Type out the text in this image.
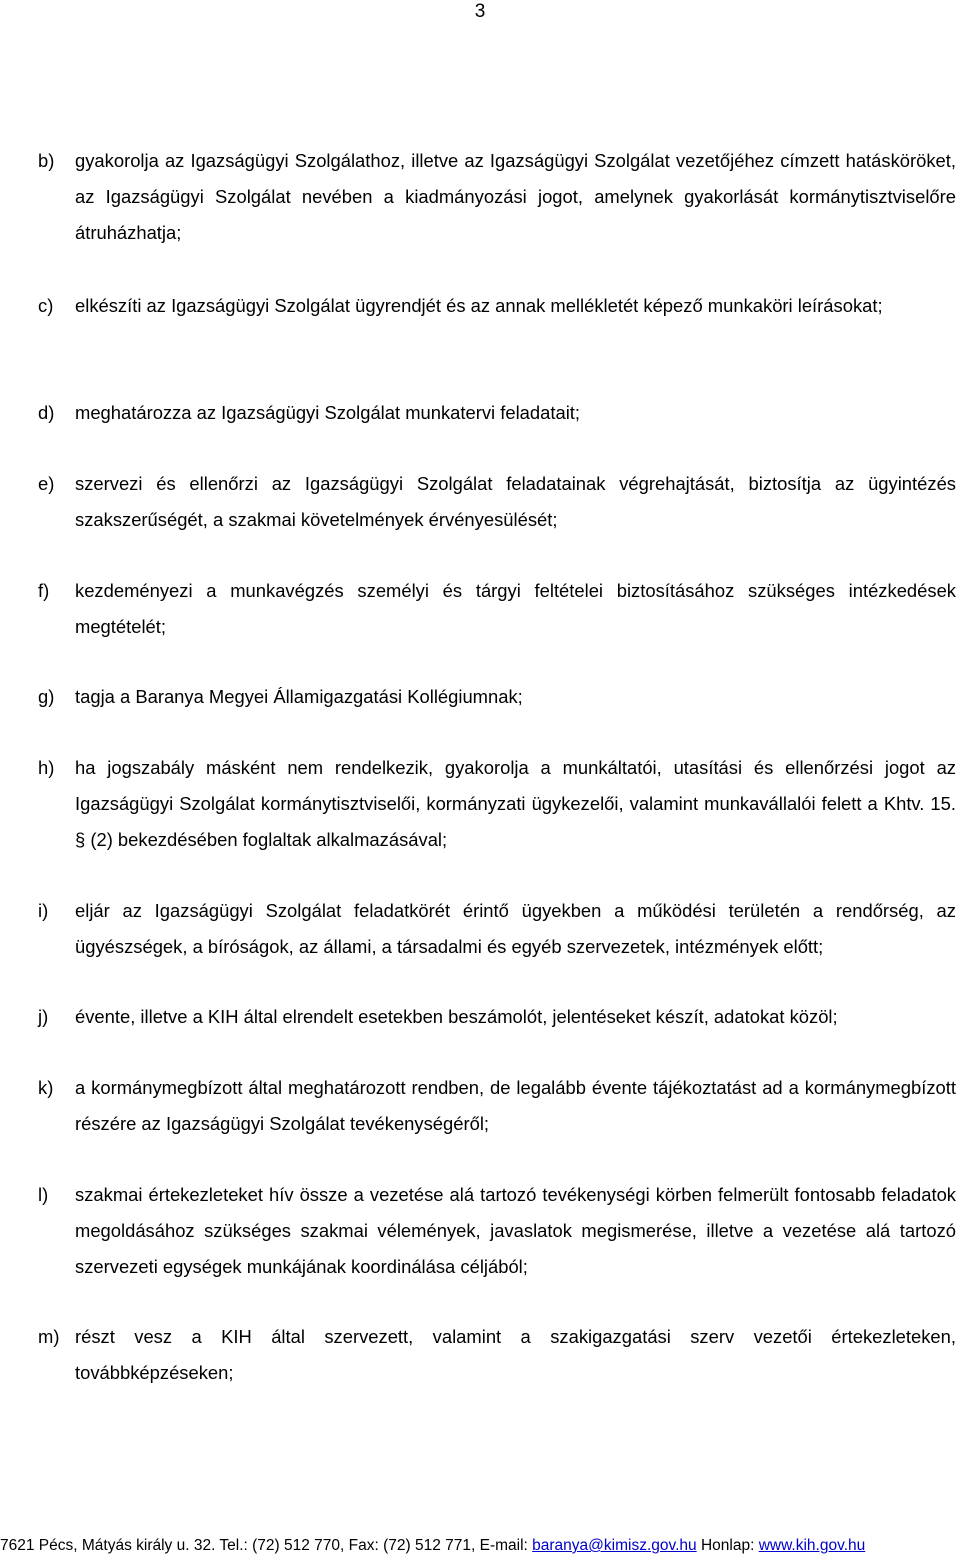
3
b)	gyakorolja az Igazságügyi Szolgálathoz, illetve az Igazságügyi Szolgálat vezetőjéhez címzett hatásköröket, az Igazságügyi Szolgálat nevében a kiadmányozási jogot, amelynek gyakorlását kormánytisztviselőre átruházhatja;
c)	elkészíti az Igazságügyi Szolgálat ügyrendjét és az annak mellékletét képező munkaköri leírásokat;
d)	meghatározza az Igazságügyi Szolgálat munkatervi feladatait;
e)	szervezi és ellenőrzi az Igazságügyi Szolgálat feladatainak végrehajtását, biztosítja az ügyintézés szakszerűségét, a szakmai követelmények érvényesülését;
f)	kezdeményezi a munkavégzés személyi és tárgyi feltételei biztosításához szükséges intézkedések megtételét;
g)	tagja a Baranya Megyei Államigazgatási Kollégiumnak;
h)	ha jogszabály másként nem rendelkezik, gyakorolja a munkáltatói, utasítási és ellenőrzési jogot az Igazságügyi Szolgálat kormánytisztviselői, kormányzati ügykezelői, valamint munkavállalói felett a Khtv. 15. § (2) bekezdésében foglaltak alkalmazásával;
i)	eljár az Igazságügyi Szolgálat feladatkörét érintő ügyekben a működési területén a rendőrség, az ügyészségek, a bíróságok, az állami, a társadalmi és egyéb szervezetek, intézmények előtt;
j)	évente, illetve a KIH által elrendelt esetekben beszámolót, jelentéseket készít, adatokat közöl;
k)	a kormánymegbízott által meghatározott rendben, de legalább évente tájékoztatást ad a kormánymegbízott részére az Igazságügyi Szolgálat tevékenységéről;
l)	szakmai értekezleteket hív össze a vezetése alá tartozó tevékenységi körben felmerült fontosabb feladatok megoldásához szükséges szakmai vélemények, javaslatok megismerése, illetve a vezetése alá tartozó szervezeti egységek munkájának koordinálása céljából;
m) részt vesz a KIH által szervezett, valamint a szakigazgatási szerv vezetői értekezleteken, továbbképzéseken;
7621 Pécs, Mátyás király u. 32. Tel.: (72) 512 770, Fax: (72) 512 771, E-mail: baranya@kimisz.gov.hu Honlap: www.kih.gov.hu
